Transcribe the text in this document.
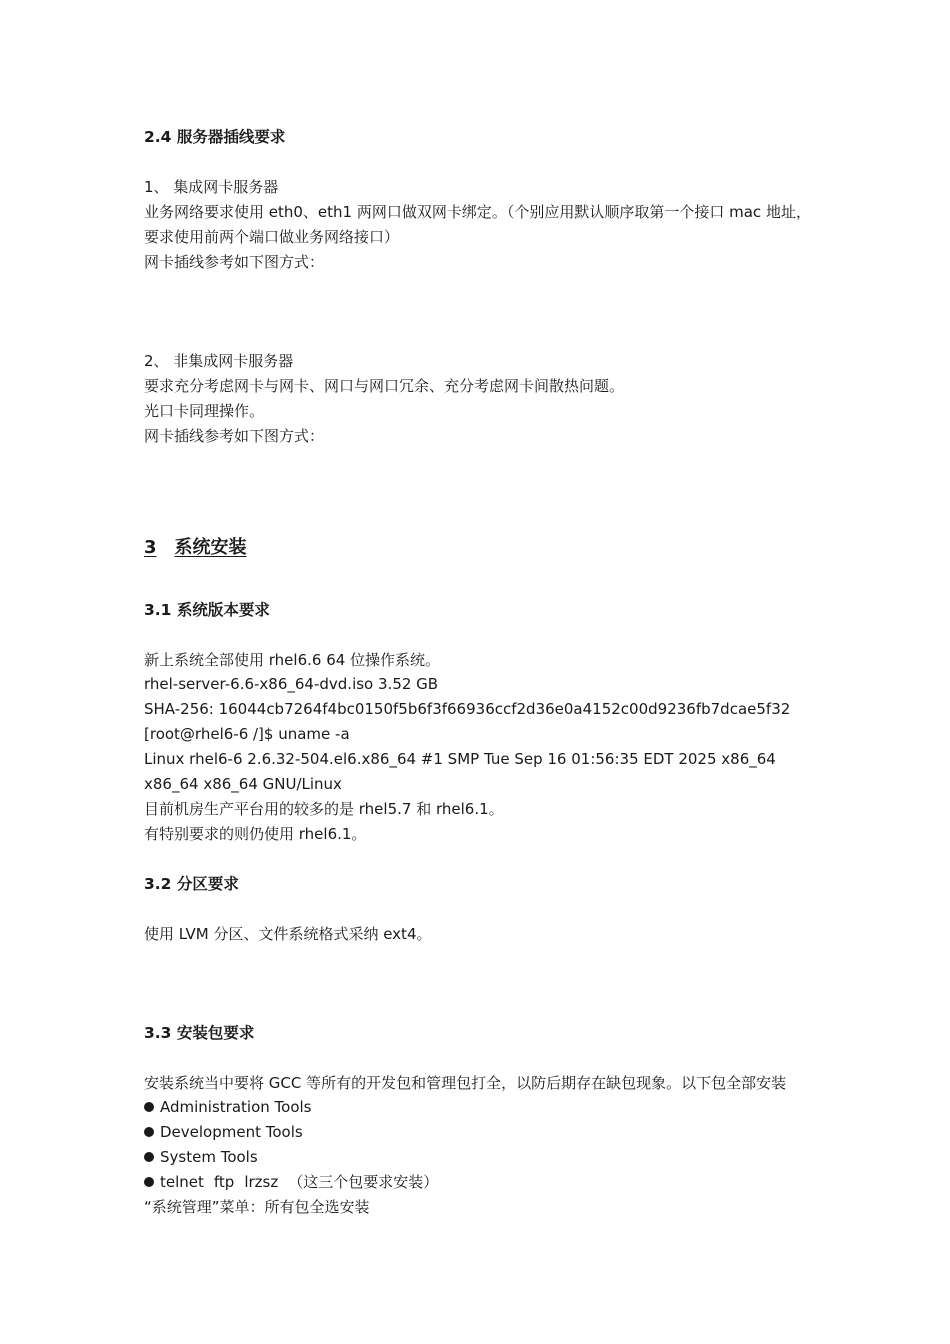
2.4 服务器插线要求
1、 集成网卡服务器
业务网络要求使用 eth0、eth1 两网口做双网卡绑定。（个别应用默认顺序取第一个接口 mac 地址，
要求使用前两个端口做业务网络接口）
网卡插线参考如下图方式：
2、 非集成网卡服务器
要求充分考虑网卡与网卡、网口与网口冗余、充分考虑网卡间散热问题。
光口卡同理操作。
网卡插线参考如下图方式：
3 系统安装
3.1 系统版本要求
新上系统全部使用 rhel6.6 64 位操作系统。
rhel-server-6.6-x86_64-dvd.iso 3.52 GB
SHA-256: 16044cb7264f4bc0150f5b6f3f66936ccf2d36e0a4152c00d9236fb7dcae5f32
[root@rhel6-6 /]$ uname -a
Linux rhel6-6 2.6.32-504.el6.x86_64 #1 SMP Tue Sep 16 01:56:35 EDT 2025 x86_64
x86_64 x86_64 GNU/Linux
目前机房生产平台用的较多的是 rhel5.7 和 rhel6.1。
有特别要求的则仍使用 rhel6.1。
3.2 分区要求
使用 LVM 分区、文件系统格式采纳 ext4。
3.3 安装包要求
安装系统当中要将 GCC 等所有的开发包和管理包打全，以防后期存在缺包现象。以下包全部安装
Administration Tools
Development Tools
System Tools
telnet ftp lrzsz （这三个包要求安装）
“系统管理”菜单：所有包全选安装
